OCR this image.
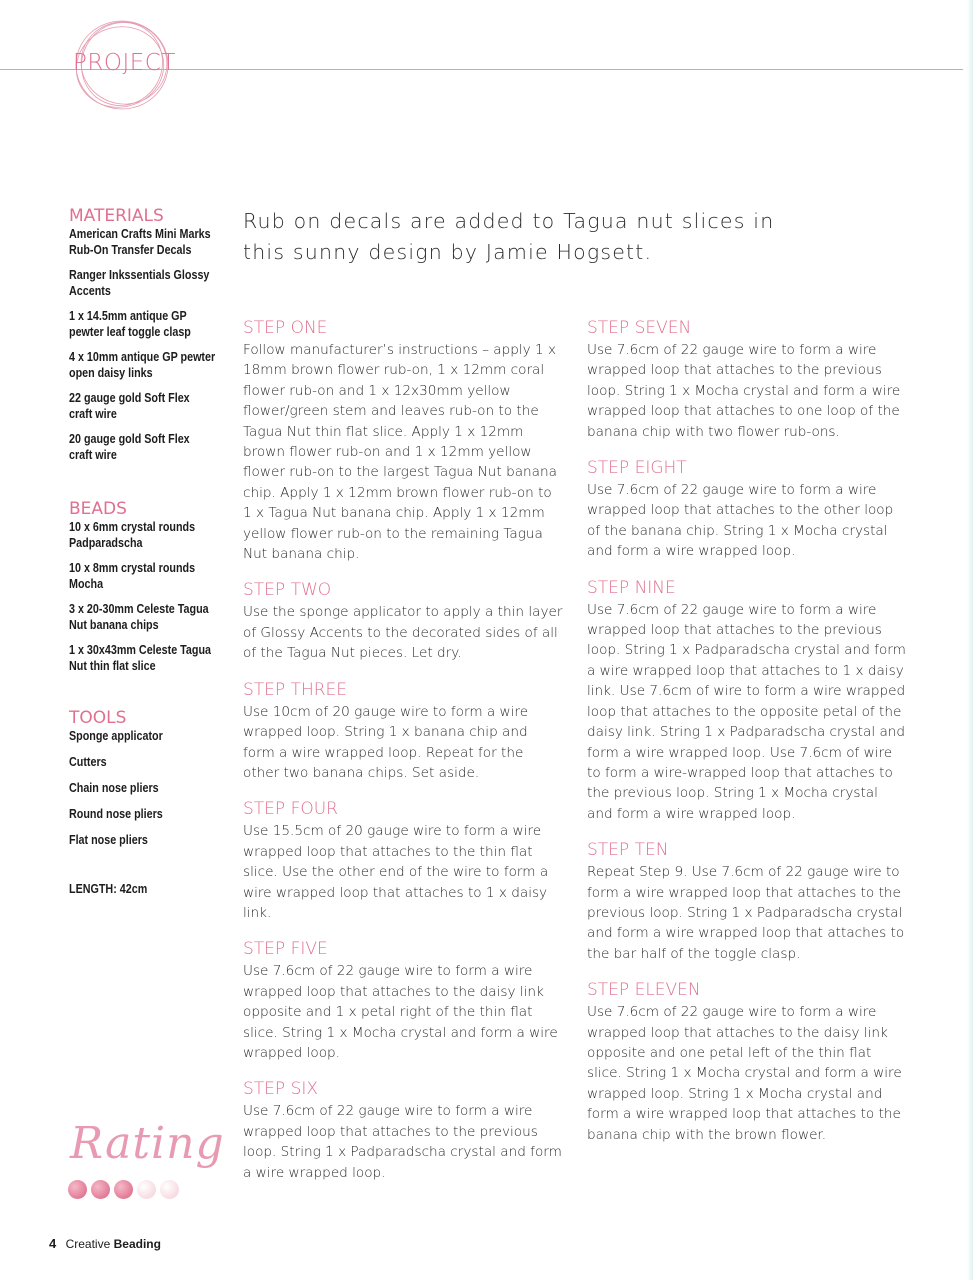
PROJECT
Rub on decals are added to Tagua nut slices in this sunny design by Jamie Hogsett.
MATERIALS
American Crafts Mini Marks Rub-On Transfer Decals
Ranger Inkssentials Glossy Accents
1 x 14.5mm antique GP pewter leaf toggle clasp
4 x 10mm antique GP pewter open daisy links
22 gauge gold Soft Flex craft wire
20 gauge gold Soft Flex craft wire
BEADS
10 x 6mm crystal rounds Padparadscha
10 x 8mm crystal rounds Mocha
3 x 20-30mm Celeste Tagua Nut banana chips
1 x 30x43mm Celeste Tagua Nut thin flat slice
TOOLS
Sponge applicator
Cutters
Chain nose pliers
Round nose pliers
Flat nose pliers
LENGTH: 42cm
STEP ONE

Follow manufacturer’s instructions – apply 1 x 18mm brown flower rub-on, 1 x 12mm coral flower rub-on and 1 x 12x30mm yellow flower/green stem and leaves rub-on to the Tagua Nut thin flat slice. Apply 1 x 12mm brown flower rub-on and 1 x 12mm yellow flower rub-on to the largest Tagua Nut banana chip. Apply 1 x 12mm brown flower rub-on to 1 x Tagua Nut banana chip. Apply 1 x 12mm yellow flower rub-on to the remaining Tagua Nut banana chip.

STEP TWO

Use the sponge applicator to apply a thin layer of Glossy Accents to the decorated sides of all of the Tagua Nut pieces. Let dry.

STEP THREE

Use 10cm of 20 gauge wire to form a wire wrapped loop. String 1 x banana chip and form a wire wrapped loop. Repeat for the other two banana chips. Set aside.

STEP FOUR

Use 15.5cm of 20 gauge wire to form a wire wrapped loop that attaches to the thin flat slice. Use the other end of the wire to form a wire wrapped loop that attaches to 1 x daisy link.

STEP FIVE

Use 7.6cm of 22 gauge wire to form a wire wrapped loop that attaches to the daisy link opposite and 1 x petal right of the thin flat slice. String 1 x Mocha crystal and form a wire wrapped loop.

STEP SIX

Use 7.6cm of 22 gauge wire to form a wire wrapped loop that attaches to the previous loop. String 1 x Padparadscha crystal and form a wire wrapped loop.

STEP SEVEN

Use 7.6cm of 22 gauge wire to form a wire wrapped loop that attaches to the previous loop. String 1 x Mocha crystal and form a wire wrapped loop that attaches to one loop of the banana chip with two flower rub-ons.

STEP EIGHT

Use 7.6cm of 22 gauge wire to form a wire wrapped loop that attaches to the other loop of the banana chip. String 1 x Mocha crystal and form a wire wrapped loop.

STEP NINE

Use 7.6cm of 22 gauge wire to form a wire wrapped loop that attaches to the previous loop. String 1 x Padparadscha crystal and form a wire wrapped loop that attaches to 1 x daisy link. Use 7.6cm of wire to form a wire wrapped loop that attaches to the opposite petal of the daisy link. String 1 x Padparadscha crystal and form a wire wrapped loop. Use 7.6cm of wire to form a wire-wrapped loop that attaches to the previous loop. String 1 x Mocha crystal and form a wire wrapped loop.

STEP TEN

Repeat Step 9. Use 7.6cm of 22 gauge wire to form a wire wrapped loop that attaches to the previous loop. String 1 x Padparadscha crystal and form a wire wrapped loop that attaches to the bar half of the toggle clasp.

STEP ELEVEN

Use 7.6cm of 22 gauge wire to form a wire wrapped loop that attaches to the daisy link opposite and one petal left of the thin flat slice. String 1 x Mocha crystal and form a wire wrapped loop. String 1 x Mocha crystal and form a wire wrapped loop that attaches to the banana chip with the brown flower.

Rating
4 Creative Beading
